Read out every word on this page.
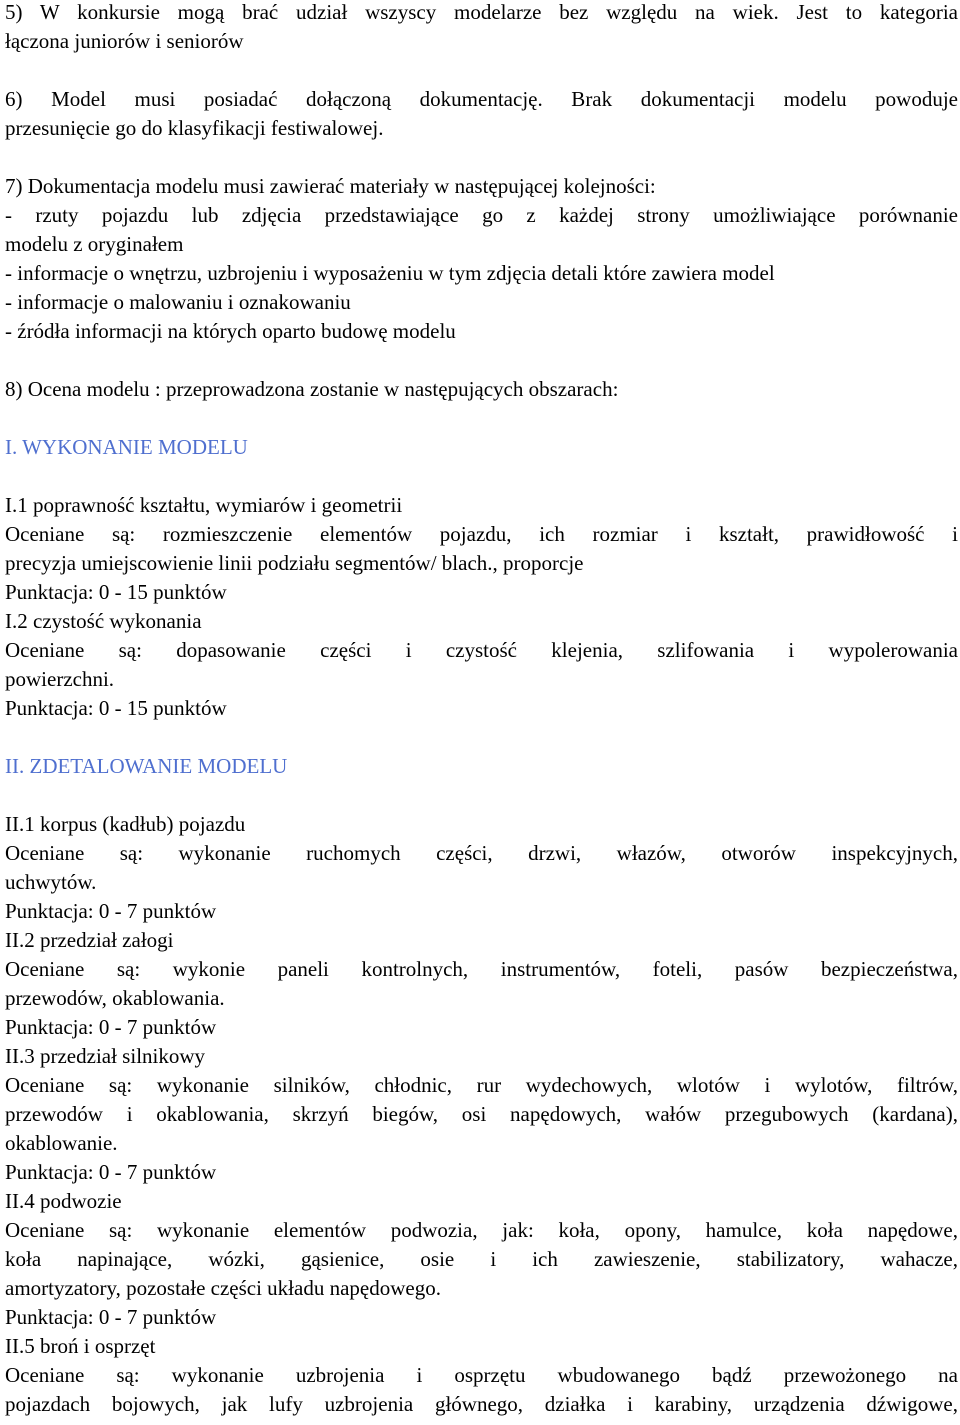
5) W konkursie mogą brać udział wszyscy modelarze bez względu na wiek. Jest to kategoria
łączona juniorów i seniorów
6) Model musi posiadać dołączoną dokumentację. Brak dokumentacji modelu powoduje
przesunięcie go do klasyfikacji festiwalowej.
7) Dokumentacja modelu musi zawierać materiały w następującej kolejności:
- rzuty pojazdu lub zdjęcia przedstawiające go z każdej strony umożliwiające porównanie
modelu z oryginałem
- informacje o wnętrzu, uzbrojeniu i wyposażeniu w tym zdjęcia detali które zawiera model
- informacje o malowaniu i oznakowaniu
- źródła informacji na których oparto budowę modelu
8) Ocena modelu : przeprowadzona zostanie w następujących obszarach:
I. WYKONANIE MODELU
I.1 poprawność kształtu, wymiarów i geometrii
Oceniane są: rozmieszczenie elementów pojazdu, ich rozmiar i kształt, prawidłowość i
precyzja umiejscowienie linii podziału segmentów/ blach., proporcje
Punktacja: 0 - 15 punktów
I.2 czystość wykonania
Oceniane są: dopasowanie części i czystość klejenia, szlifowania i wypolerowania
powierzchni.
Punktacja: 0 - 15 punktów
II. ZDETALOWANIE MODELU
II.1 korpus (kadłub) pojazdu
Oceniane są: wykonanie ruchomych części, drzwi, włazów, otworów inspekcyjnych,
uchwytów.
Punktacja: 0 - 7 punktów
II.2 przedział załogi
Oceniane są: wykonie paneli kontrolnych, instrumentów, foteli, pasów bezpieczeństwa,
przewodów, okablowania.
Punktacja: 0 - 7 punktów
II.3 przedział silnikowy
Oceniane są: wykonanie silników, chłodnic, rur wydechowych, wlotów i wylotów, filtrów,
przewodów i okablowania, skrzyń biegów, osi napędowych, wałów przegubowych (kardana),
okablowanie.
Punktacja: 0 - 7 punktów
II.4 podwozie
Oceniane są: wykonanie elementów podwozia, jak: koła, opony, hamulce, koła napędowe,
koła napinające, wózki, gąsienice, osie i ich zawieszenie, stabilizatory, wahacze,
amortyzatory, pozostałe części układu napędowego.
Punktacja: 0 - 7 punktów
II.5 broń i osprzęt
Oceniane są: wykonanie uzbrojenia i osprzętu wbudowanego bądź przewożonego na
pojazdach bojowych, jak lufy uzbrojenia głównego, działka i karabiny, urządzenia dźwigowe,
